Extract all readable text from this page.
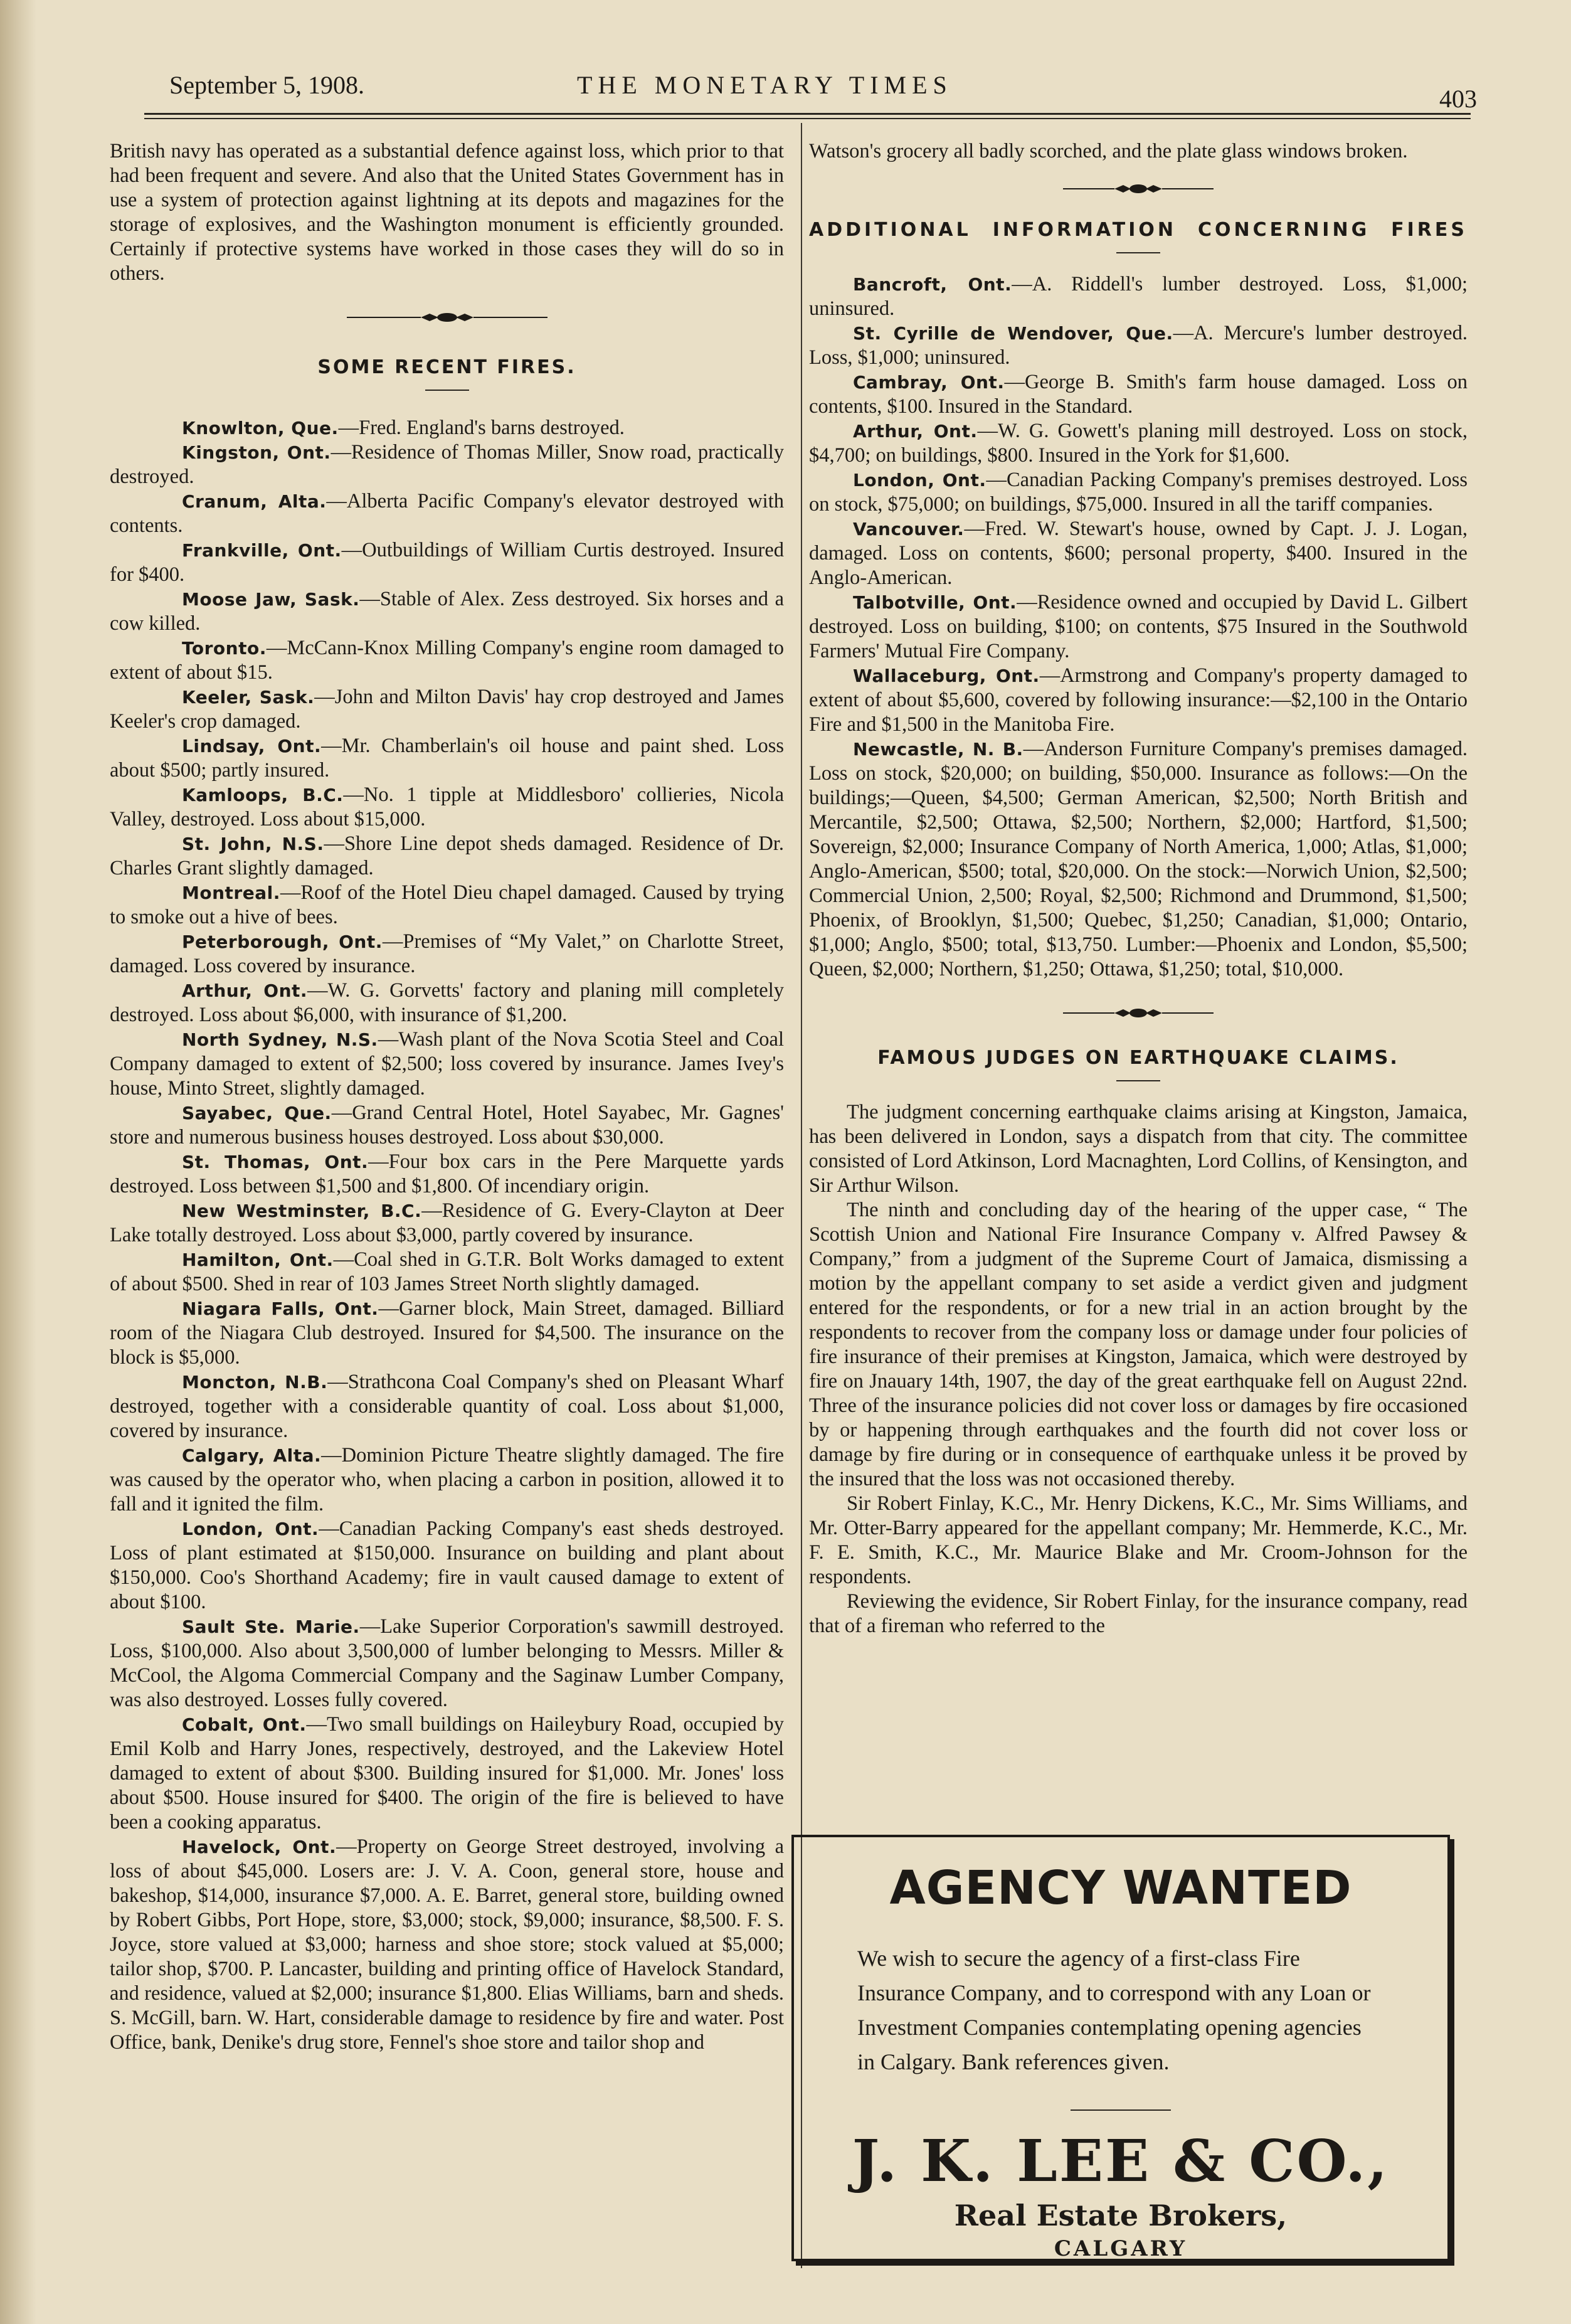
September 5, 1908.	THE MONETARY TIMES	403

British navy has operated as a substantial defence against loss, which prior to that had been frequent and severe. And also that the United States Government has in use a system of protection against lightning at its depots and magazines for the storage of explosives, and the Washington monument is efficiently grounded. Certainly if protective systems have worked in those cases they will do so in others.

SOME RECENT FIRES.

Knowlton, Que.—Fred. England's barns destroyed.

Kingston, Ont.—Residence of Thomas Miller, Snow road, practically destroyed.

Cranum, Alta.—Alberta Pacific Company's elevator destroyed with contents.

Frankville, Ont.—Outbuildings of William Curtis destroyed. Insured for $400.

Moose Jaw, Sask.—Stable of Alex. Zess destroyed. Six horses and a cow killed.

Toronto.—McCann-Knox Milling Company's engine room damaged to extent of about $15.

Keeler, Sask.—John and Milton Davis' hay crop destroyed and James Keeler's crop damaged.

Lindsay, Ont.—Mr. Chamberlain's oil house and paint shed. Loss about $500; partly insured.

Kamloops, B.C.—No. 1 tipple at Middlesboro' collieries, Nicola Valley, destroyed. Loss about $15,000.

St. John, N.S.—Shore Line depot sheds damaged. Residence of Dr. Charles Grant slightly damaged.

Montreal.—Roof of the Hotel Dieu chapel damaged. Caused by trying to smoke out a hive of bees.

Peterborough, Ont.—Premises of “My Valet,” on Charlotte Street, damaged. Loss covered by insurance.

Arthur, Ont.—W. G. Gorvetts' factory and planing mill completely destroyed. Loss about $6,000, with insurance of $1,200.

North Sydney, N.S.—Wash plant of the Nova Scotia Steel and Coal Company damaged to extent of $2,500; loss covered by insurance. James Ivey's house, Minto Street, slightly damaged.

Sayabec, Que.—Grand Central Hotel, Hotel Sayabec, Mr. Gagnes' store and numerous business houses destroyed. Loss about $30,000.

St. Thomas, Ont.—Four box cars in the Pere Marquette yards destroyed. Loss between $1,500 and $1,800. Of incendiary origin.

New Westminster, B.C.—Residence of G. Every-Clayton at Deer Lake totally destroyed. Loss about $3,000, partly covered by insurance.

Hamilton, Ont.—Coal shed in G.T.R. Bolt Works damaged to extent of about $500. Shed in rear of 103 James Street North slightly damaged.

Niagara Falls, Ont.—Garner block, Main Street, damaged. Billiard room of the Niagara Club destroyed. Insured for $4,500. The insurance on the block is $5,000.

Moncton, N.B.—Strathcona Coal Company's shed on Pleasant Wharf destroyed, together with a considerable quantity of coal. Loss about $1,000, covered by insurance.

Calgary, Alta.—Dominion Picture Theatre slightly damaged. The fire was caused by the operator who, when placing a carbon in position, allowed it to fall and it ignited the film.

London, Ont.—Canadian Packing Company's east sheds destroyed. Loss of plant estimated at $150,000. Insurance on building and plant about $150,000. Coo's Shorthand Academy; fire in vault caused damage to extent of about $100.

Sault Ste. Marie.—Lake Superior Corporation's sawmill destroyed. Loss, $100,000. Also about 3,500,000 of lumber belonging to Messrs. Miller & McCool, the Algoma Commercial Company and the Saginaw Lumber Company, was also destroyed. Losses fully covered.

Cobalt, Ont.—Two small buildings on Haileybury Road, occupied by Emil Kolb and Harry Jones, respectively, destroyed, and the Lakeview Hotel damaged to extent of about $300. Building insured for $1,000. Mr. Jones' loss about $500. House insured for $400. The origin of the fire is believed to have been a cooking apparatus.

Havelock, Ont.—Property on George Street destroyed, involving a loss of about $45,000. Losers are: J. V. A. Coon, general store, house and bakeshop, $14,000, insurance $7,000. A. E. Barret, general store, building owned by Robert Gibbs, Port Hope, store, $3,000; stock, $9,000; insurance, $8,500. F. S. Joyce, store valued at $3,000; harness and shoe store; stock valued at $5,000; tailor shop, $700. P. Lancaster, building and printing office of Havelock Standard, and residence, valued at $2,000; insurance $1,800. Elias Williams, barn and sheds. S. McGill, barn. W. Hart, considerable damage to residence by fire and water. Post Office, bank, Denike's drug store, Fennel's shoe store and tailor shop and

Watson's grocery all badly scorched, and the plate glass windows broken.

ADDITIONAL INFORMATION CONCERNING FIRES

Bancroft, Ont.—A. Riddell's lumber destroyed. Loss, $1,000; uninsured.

St. Cyrille de Wendover, Que.—A. Mercure's lumber destroyed. Loss, $1,000; uninsured.

Cambray, Ont.—George B. Smith's farm house damaged. Loss on contents, $100. Insured in the Standard.

Arthur, Ont.—W. G. Gowett's planing mill destroyed. Loss on stock, $4,700; on buildings, $800. Insured in the York for $1,600.

London, Ont.—Canadian Packing Company's premises destroyed. Loss on stock, $75,000; on buildings, $75,000. Insured in all the tariff companies.

Vancouver.—Fred. W. Stewart's house, owned by Capt. J. J. Logan, damaged. Loss on contents, $600; personal property, $400. Insured in the Anglo-American.

Talbotville, Ont.—Residence owned and occupied by David L. Gilbert destroyed. Loss on building, $100; on contents, $75 Insured in the Southwold Farmers' Mutual Fire Company.

Wallaceburg, Ont.—Armstrong and Company's property damaged to extent of about $5,600, covered by following insurance:—$2,100 in the Ontario Fire and $1,500 in the Manitoba Fire.

Newcastle, N. B.—Anderson Furniture Company's premises damaged. Loss on stock, $20,000; on building, $50,000. Insurance as follows:—On the buildings;—Queen, $4,500; German American, $2,500; North British and Mercantile, $2,500; Ottawa, $2,500; Northern, $2,000; Hartford, $1,500; Sovereign, $2,000; Insurance Company of North America, 1,000; Atlas, $1,000; Anglo-American, $500; total, $20,000. On the stock:—Norwich Union, $2,500; Commercial Union, 2,500; Royal, $2,500; Richmond and Drummond, $1,500; Phoenix, of Brooklyn, $1,500; Quebec, $1,250; Canadian, $1,000; Ontario, $1,000; Anglo, $500; total, $13,750. Lumber:—Phoenix and London, $5,500; Queen, $2,000; Northern, $1,250; Ottawa, $1,250; total, $10,000.

FAMOUS JUDGES ON EARTHQUAKE CLAIMS.

The judgment concerning earthquake claims arising at Kingston, Jamaica, has been delivered in London, says a dispatch from that city. The committee consisted of Lord Atkinson, Lord Macnaghten, Lord Collins, of Kensington, and Sir Arthur Wilson.

The ninth and concluding day of the hearing of the upper case, “ The Scottish Union and National Fire Insurance Company v. Alfred Pawsey & Company,” from a judgment of the Supreme Court of Jamaica, dismissing a motion by the appellant company to set aside a verdict given and judgment entered for the respondents, or for a new trial in an action brought by the respondents to recover from the company loss or damage under four policies of fire insurance of their premises at Kingston, Jamaica, which were destroyed by fire on Jnauary 14th, 1907, the day of the great earthquake fell on August 22nd. Three of the insurance policies did not cover loss or damages by fire occasioned by or happening through earthquakes and the fourth did not cover loss or damage by fire during or in consequence of earthquake unless it be proved by the insured that the loss was not occasioned thereby.

Sir Robert Finlay, K.C., Mr. Henry Dickens, K.C., Mr. Sims Williams, and Mr. Otter-Barry appeared for the appellant company; Mr. Hemmerde, K.C., Mr. F. E. Smith, K.C., Mr. Maurice Blake and Mr. Croom-Johnson for the respondents.

Reviewing the evidence, Sir Robert Finlay, for the insurance company, read that of a fireman who referred to the

AGENCY WANTED
We wish to secure the agency of a first-class Fire Insurance Company, and to correspond with any Loan or Investment Companies contemplating opening agencies in Calgary. Bank references given.
J. K. LEE & CO.,
Real Estate Brokers,
CALGARY
